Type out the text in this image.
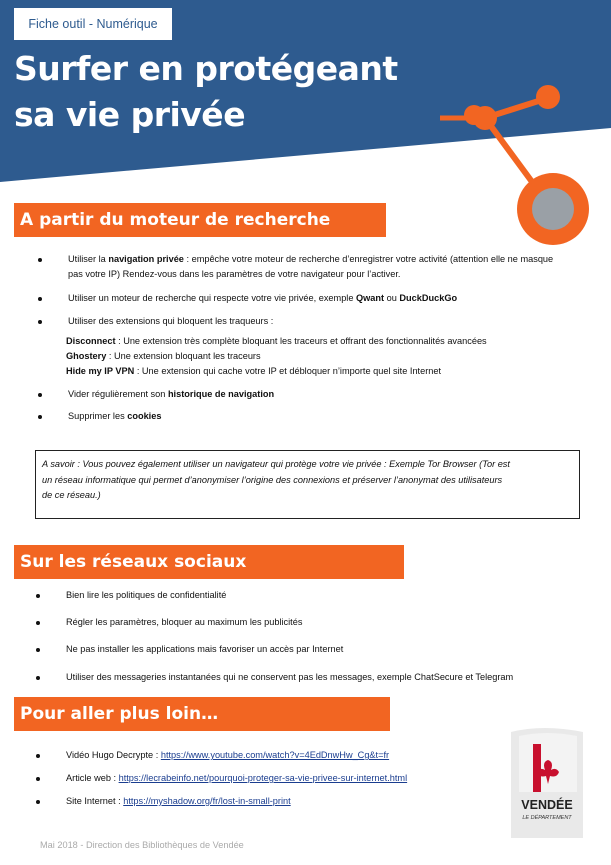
Fiche outil - Numérique
Surfer en protégeant
sa vie privée
A partir du moteur de recherche
Utiliser la navigation privée : empêche votre moteur de recherche d’enregistrer votre activité (attention elle ne masque
pas votre IP) Rendez-vous dans les paramètres de votre navigateur pour l’activer.
Utiliser un moteur de recherche qui respecte votre vie privée, exemple Qwant ou DuckDuckGo
Utiliser des extensions qui bloquent les traqueurs :
Disconnect : Une extension très complète bloquant les traceurs et offrant des fonctionnalités avancées
Ghostery : Une extension bloquant les traceurs
Hide my IP VPN : Une extension qui cache votre IP et débloquer n’importe quel site Internet
Vider régulièrement son historique de navigation
Supprimer les cookies
A savoir : Vous pouvez également utiliser un navigateur qui protège votre vie privée : Exemple Tor Browser (Tor est
un réseau informatique qui permet d’anonymiser l’origine des connexions et préserver l’anonymat des utilisateurs
de ce réseau.)
Sur les réseaux sociaux
Bien lire les politiques de confidentialité
Régler les paramètres, bloquer au maximum les publicités
Ne pas installer les applications mais favoriser un accès par Internet
Utiliser des messageries instantanées qui ne conservent pas les messages, exemple ChatSecure et Telegram
Pour aller plus loin…
Vidéo Hugo Decrypte : https://www.youtube.com/watch?v=4EdDnwHw_Cg&t=fr
Article web : https://lecrabeinfo.net/pourquoi-proteger-sa-vie-privee-sur-internet.html
Site Internet : https://myshadow.org/fr/lost-in-small-print	VENDÉE
LE DÉPARTEMENT
Mai 2018 - Direction des Bibliothèques de Vendée
